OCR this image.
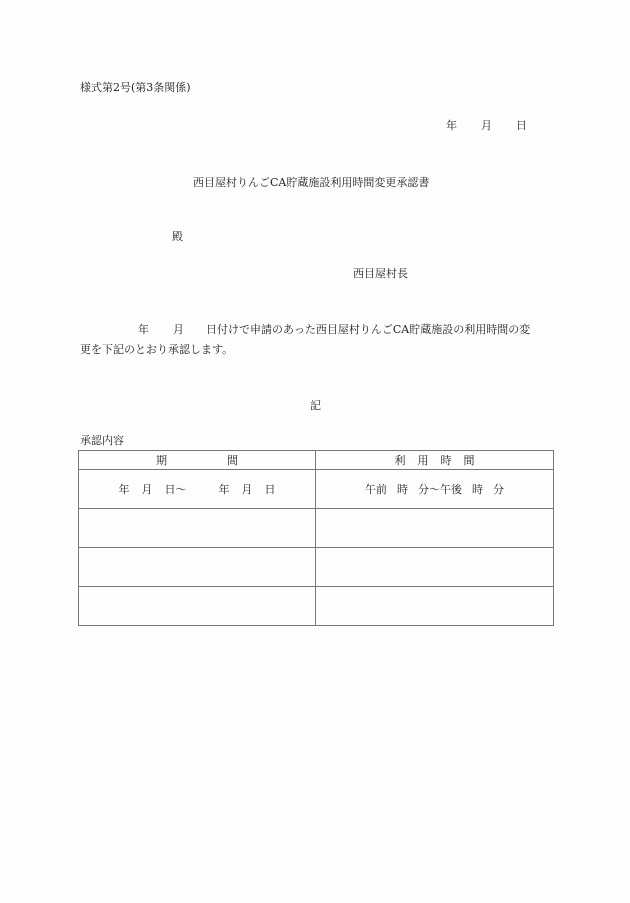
様式第2号(第3条関係)
年 月 日
西目屋村りんごCA貯蔵施設利用時間変更承認書
殿
西目屋村長
年 月 日付けで申請のあった西目屋村りんごCA貯蔵施設の利用時間の変
更を下記のとおり承認します。
記
承認内容
期 間	利 用 時 間
年 月 日〜 年 月 日	午前 時 分〜午後 時 分
